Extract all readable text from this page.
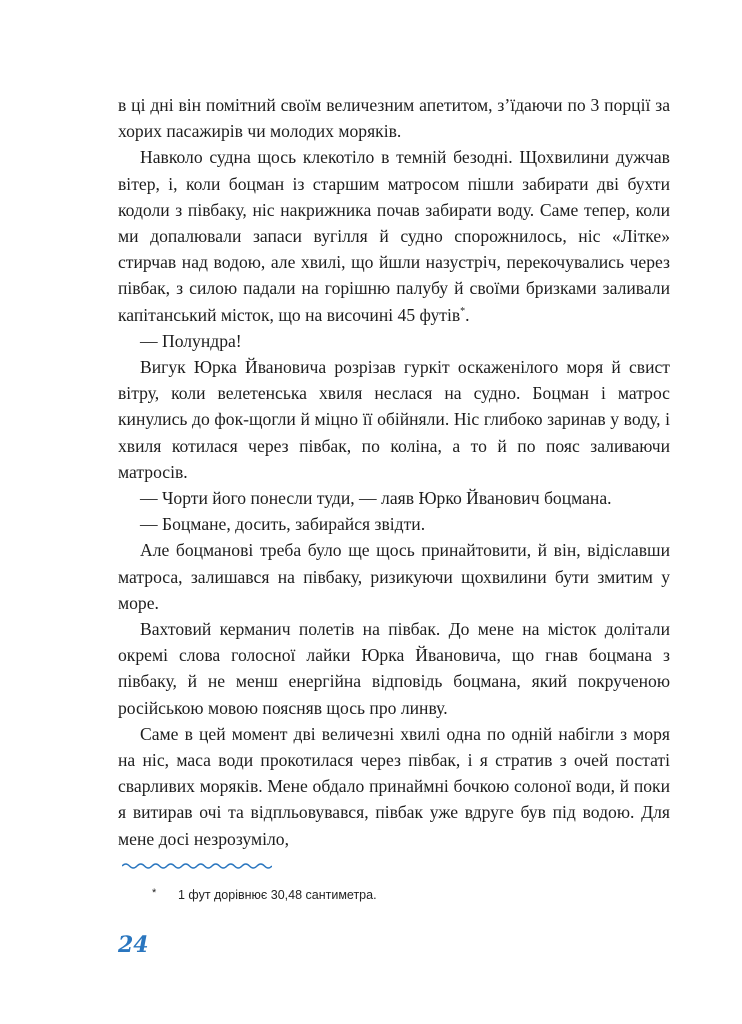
в ці дні він помітний своїм величезним апетитом, з’їдаючи по 3 порції за хорих пасажирів чи молодих моряків.

Навколо судна щось клекотіло в темній безодні. Щохвилини дужчав вітер, і, коли боцман із старшим матросом пішли забирати дві бухти кодоли з півбаку, ніс накрижника почав забирати воду. Саме тепер, коли ми допалювали запаси вугілля й судно спорожнилось, ніс «Літке» стирчав над водою, але хвилі, що йшли назустріч, перекочувались через півбак, з силою падали на горішню палубу й своїми бризками заливали капітанський місток, що на височині 45 футів*.

— Полундра!

Вигук Юрка Йвановича розрізав гуркіт оскаженілого моря й свист вітру, коли велетенська хвиля неслася на судно. Боцман і матрос кинулись до фок-щогли й міцно її обійняли. Ніс глибоко заринав у воду, і хвиля котилася через півбак, по коліна, а то й по пояс заливаючи матросів.

— Чорти його понесли туди, — лаяв Юрко Йванович боцмана.

— Боцмане, досить, забирайся звідти.

Але боцманові треба було ще щось принайтовити, й він, відіславши матроса, залишався на півбаку, ризикуючи щохвилини бути змитим у море.

Вахтовий керманич полетів на півбак. До мене на місток долітали окремі слова голосної лайки Юрка Йвановича, що гнав боцмана з півбаку, й не менш енергійна відповідь боцмана, який покрученою російською мовою поясняв щось про линву.

Саме в цей момент дві величезні хвилі одна по одній набігли з моря на ніс, маса води прокотилася через півбак, і я стратив з очей постаті сварливих моряків. Мене обдало принаймні бочкою солоної води, й поки я витирав очі та відпльовувався, півбак уже вдруге був під водою. Для мене досі незрозуміло,

* 1 фут дорівнює 30,48 сантиметра.
24
